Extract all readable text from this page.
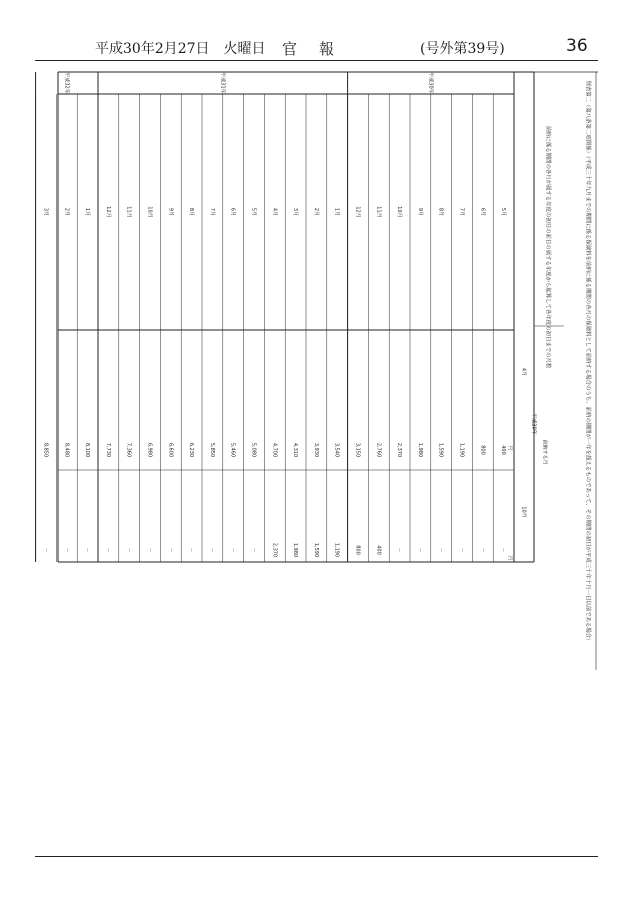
平成30年2月27日　火曜日 官報	(号外第39号)	36
別表第二（第八条第二項関係）（平成三十年九月までの期間に係る保険料を前納に係る期間の各月の保険料として前納する場合のうち、前納の期間が一年を超えるものであって、その期間の初日が平成三十年十月一日以前である場合）
前納に係る期間の各月が属する年度の初日の前日の属する年度から起算して各年度の初日までの月数
前納する月
平成30年
4月
10月
円
円
5月
400
－
6月
800
－
7月
1,190
－
8月
1,590
－
9月
1,980
－
10月
2,370
－
11月
2,760
400
12月
3,150
800
平成30年
1月
3,540
1,190
2月
3,930
1,590
3月
4,310
1,980
4月
4,700
2,370
5月
5,080
－
6月
5,460
－
7月
5,850
－
8月
6,230
－
9月
6,600
－
10月
6,980
－
11月
7,360
－
12月
7,730
－
平成31年
1月
8,100
－
2月
8,480
－
3月
8,850
－
平成32年
